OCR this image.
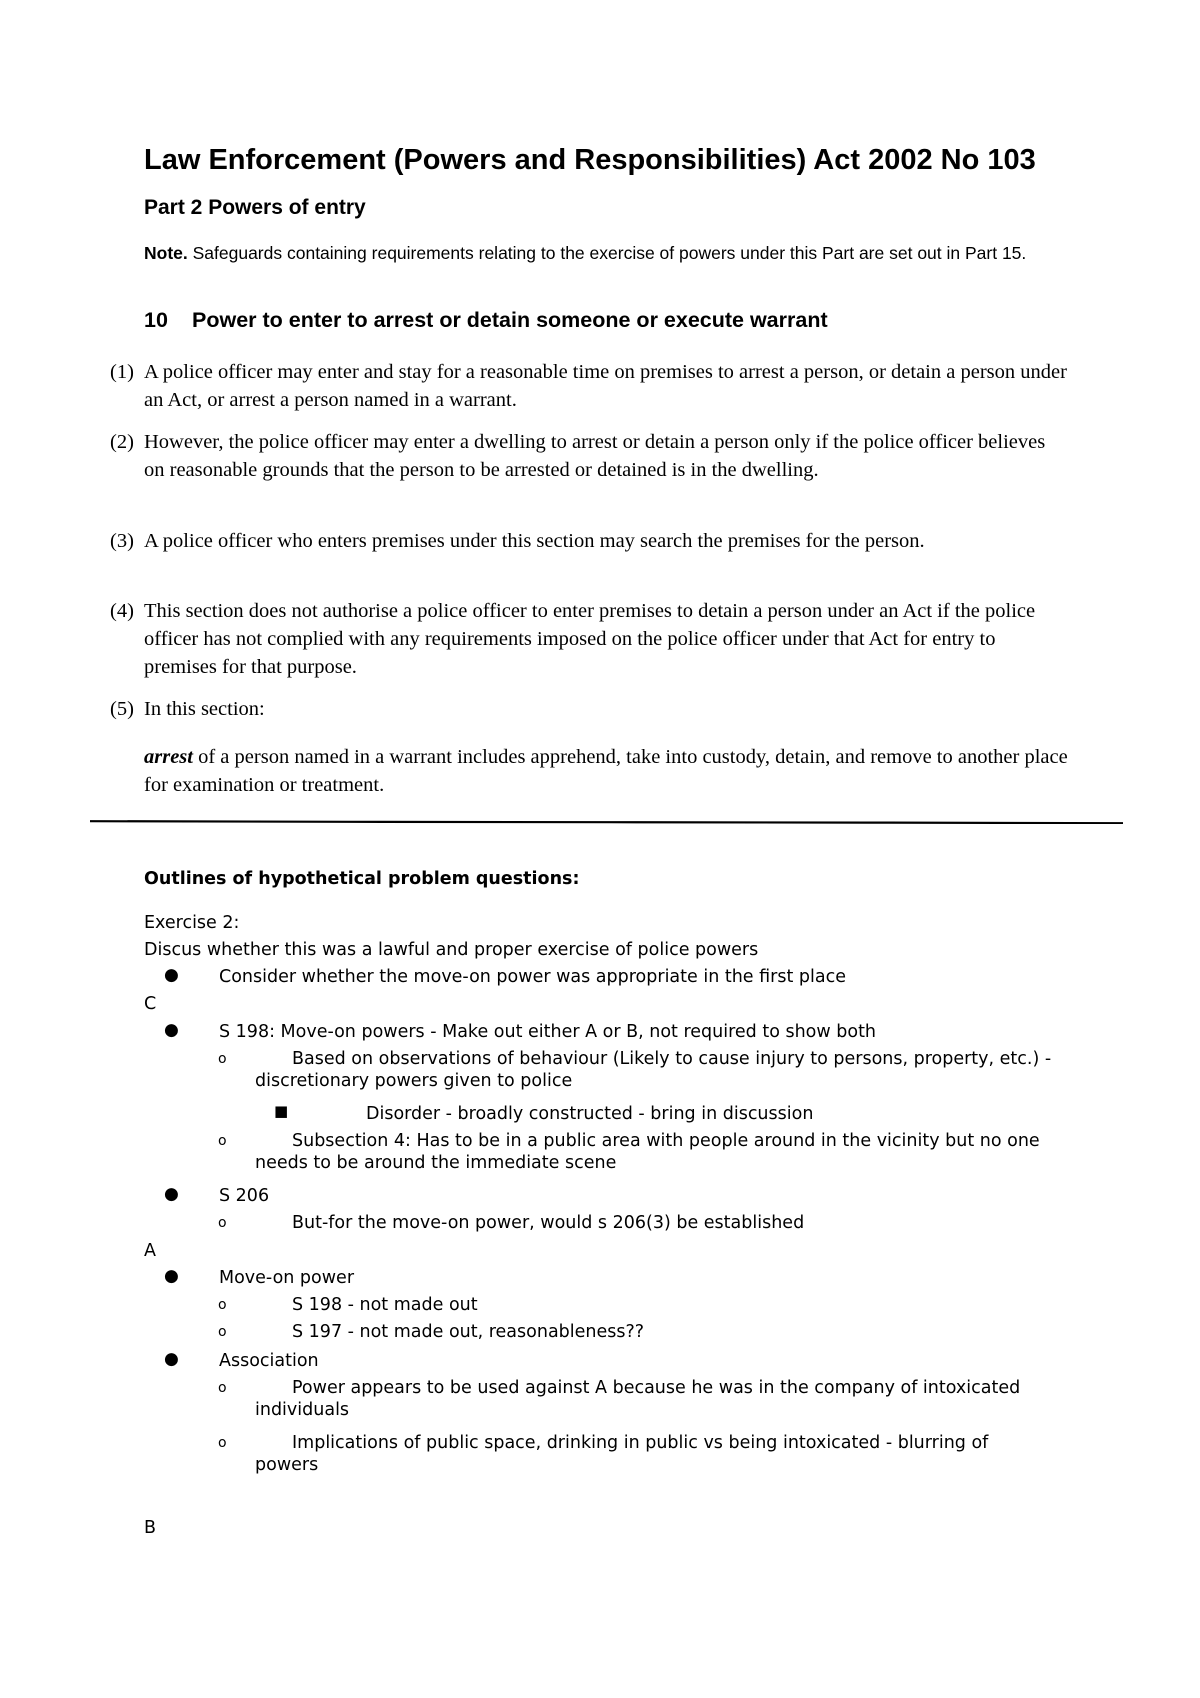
Law Enforcement (Powers and Responsibilities) Act 2002 No 103
Part 2 Powers of entry
Note. Safeguards containing requirements relating to the exercise of powers under this Part are set out in Part 15.
10 Power to enter to arrest or detain someone or execute warrant
(1) A police officer may enter and stay for a reasonable time on premises to arrest a person, or detain a person under an Act, or arrest a person named in a warrant.
(2) However, the police officer may enter a dwelling to arrest or detain a person only if the police officer believes on reasonable grounds that the person to be arrested or detained is in the dwelling.
(3) A police officer who enters premises under this section may search the premises for the person.
(4) This section does not authorise a police officer to enter premises to detain a person under an Act if the police officer has not complied with any requirements imposed on the police officer under that Act for entry to premises for that purpose.
(5) In this section:
arrest of a person named in a warrant includes apprehend, take into custody, detain, and remove to another place for examination or treatment.
Outlines of hypothetical problem questions:
Exercise 2:
Discus whether this was a lawful and proper exercise of police powers
● Consider whether the move-on power was appropriate in the first place
C
● S 198: Move-on powers - Make out either A or B, not required to show both
o	Based on observations of behaviour (Likely to cause injury to persons, property, etc.) - discretionary powers given to police
■	Disorder - broadly constructed - bring in discussion
o	Subsection 4: Has to be in a public area with people around in the vicinity but no one needs to be around the immediate scene
● S 206
o	But-for the move-on power, would s 206(3) be established
A
● Move-on power
o	S 198 - not made out
o	S 197 - not made out, reasonableness??
● Association
o	Power appears to be used against A because he was in the company of intoxicated individuals
o	Implications of public space, drinking in public vs being intoxicated - blurring of powers
B
